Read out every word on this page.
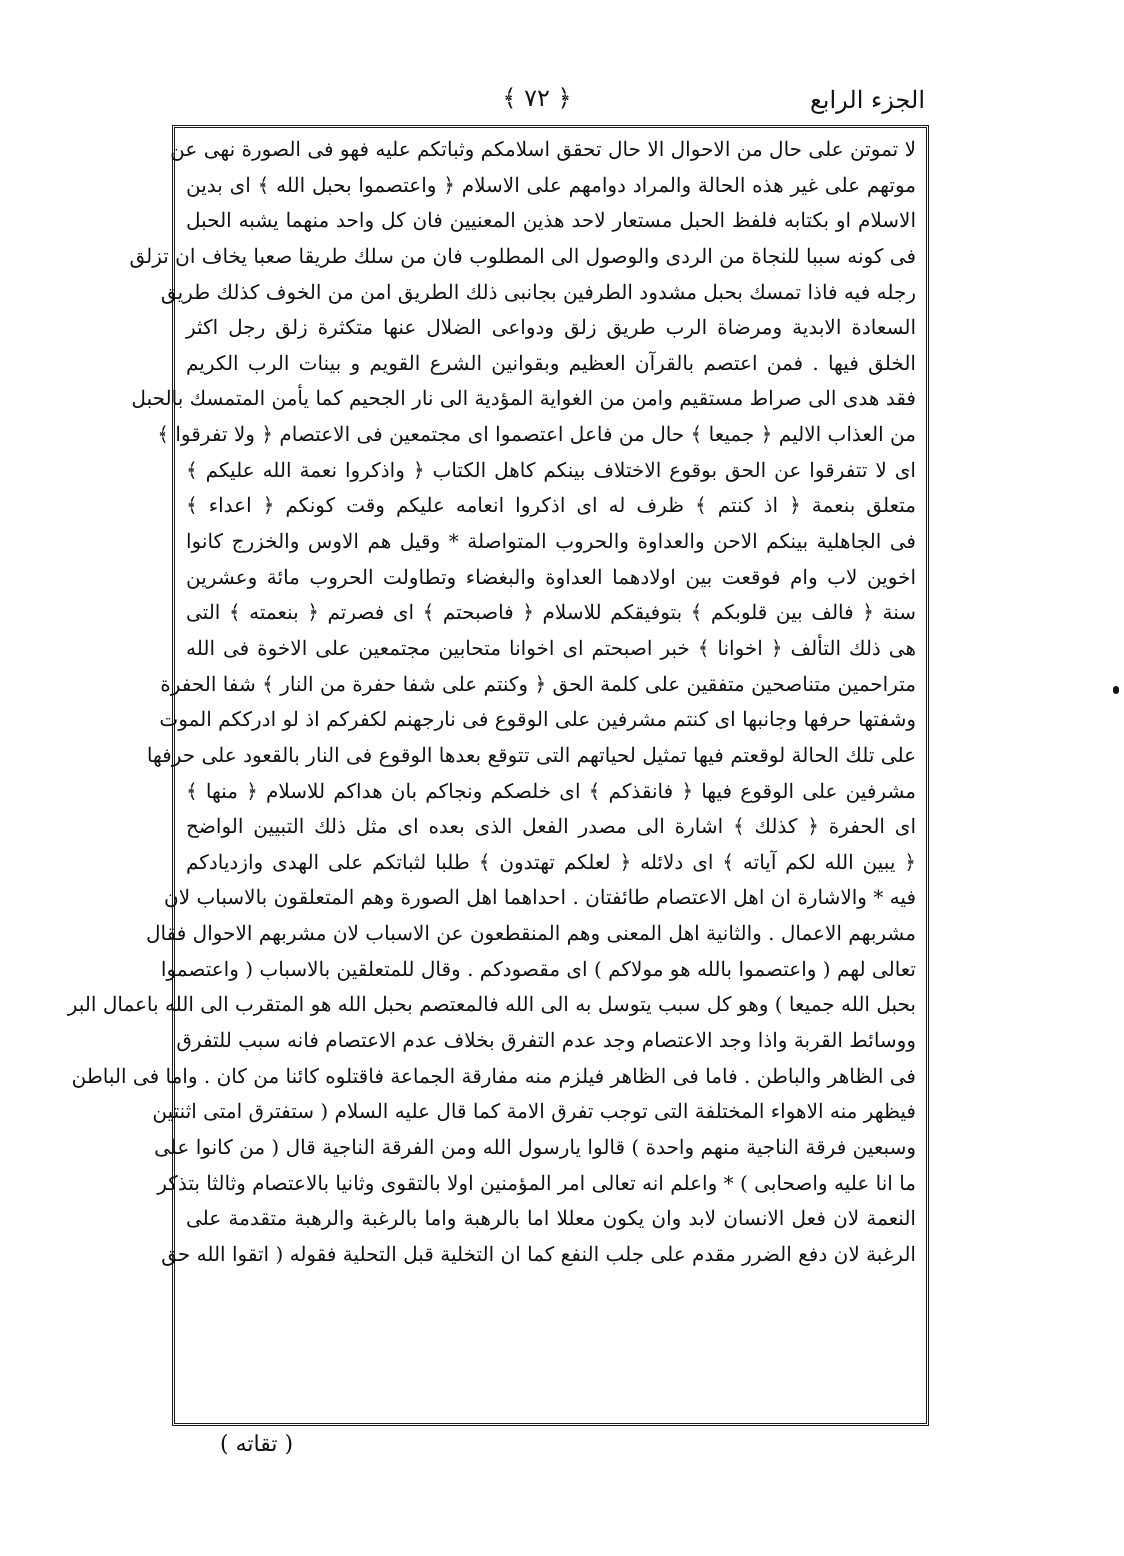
الجزء الرابع
﴿ ٧٢ ﴾
لا تموتن على حال من الاحوال الا حال تحقق اسلامكم وثباتكم عليه فهو فى الصورة نهى عن
موتهم على غير هذه الحالة والمراد دوامهم على الاسلام ﴿ واعتصموا بحبل الله ﴾ اى بدين
الاسلام او بكتابه فلفظ الحبل مستعار لاحد هذين المعنيين فان كل واحد منهما يشبه الحبل
فى كونه سببا للنجاة من الردى والوصول الى المطلوب فان من سلك طريقا صعبا يخاف ان تزلق
رجله فيه فاذا تمسك بحبل مشدود الطرفين بجانبى ذلك الطريق امن من الخوف كذلك طريق
السعادة الابدية ومرضاة الرب طريق زلق ودواعى الضلال عنها متكثرة زلق رجل اكثر
الخلق فيها . فمن اعتصم بالقرآن العظيم وبقوانين الشرع القويم و بينات الرب الكريم
فقد هدى الى صراط مستقيم وامن من الغواية المؤدية الى نار الجحيم كما يأمن المتمسك بالحبل
من العذاب الاليم ﴿ جميعا ﴾ حال من فاعل اعتصموا اى مجتمعين فى الاعتصام ﴿ ولا تفرقوا ﴾
اى لا تتفرقوا عن الحق بوقوع الاختلاف بينكم كاهل الكتاب ﴿ واذكروا نعمة الله عليكم ﴾
متعلق بنعمة ﴿ اذ كنتم ﴾ ظرف له اى اذكروا انعامه عليكم وقت كونكم ﴿ اعداء ﴾
فى الجاهلية بينكم الاحن والعداوة والحروب المتواصلة * وقيل هم الاوس والخزرج كانوا
اخوين لاب وام فوقعت بين اولادهما العداوة والبغضاء وتطاولت الحروب مائة وعشرين
سنة ﴿ فالف بين قلوبكم ﴾ بتوفيقكم للاسلام ﴿ فاصبحتم ﴾ اى فصرتم ﴿ بنعمته ﴾ التى
هى ذلك التألف ﴿ اخوانا ﴾ خبر اصبحتم اى اخوانا متحابين مجتمعين على الاخوة فى الله
متراحمين متناصحين متفقين على كلمة الحق ﴿ وكنتم على شفا حفرة من النار ﴾ شفا الحفرة
وشفتها حرفها وجانبها اى كنتم مشرفين على الوقوع فى نارجهنم لكفركم اذ لو ادرككم الموت
على تلك الحالة لوقعتم فيها تمثيل لحياتهم التى تتوقع بعدها الوقوع فى النار بالقعود على حرفها
مشرفين على الوقوع فيها ﴿ فانقذكم ﴾ اى خلصكم ونجاكم بان هداكم للاسلام ﴿ منها ﴾
اى الحفرة ﴿ كذلك ﴾ اشارة الى مصدر الفعل الذى بعده اى مثل ذلك التبيين الواضح
﴿ يبين الله لكم آياته ﴾ اى دلائله ﴿ لعلكم تهتدون ﴾ طلبا لثباتكم على الهدى وازديادكم
فيه * والاشارة ان اهل الاعتصام طائفتان . احداهما اهل الصورة وهم المتعلقون بالاسباب لان
مشربهم الاعمال . والثانية اهل المعنى وهم المنقطعون عن الاسباب لان مشربهم الاحوال فقال
تعالى لهم ( واعتصموا بالله هو مولاكم ) اى مقصودكم . وقال للمتعلقين بالاسباب ( واعتصموا
بحبل الله جميعا ) وهو كل سبب يتوسل به الى الله فالمعتصم بحبل الله هو المتقرب الى الله باعمال البر
ووسائط القربة واذا وجد الاعتصام وجد عدم التفرق بخلاف عدم الاعتصام فانه سبب للتفرق
فى الظاهر والباطن . فاما فى الظاهر فيلزم منه مفارقة الجماعة فاقتلوه كائنا من كان . واما فى الباطن
فيظهر منه الاهواء المختلفة التى توجب تفرق الامة كما قال عليه السلام ( ستفترق امتى اثنتين
وسبعين فرقة الناجية منهم واحدة ) قالوا يارسول الله ومن الفرقة الناجية قال ( من كانوا على
ما انا عليه واصحابى ) * واعلم انه تعالى امر المؤمنين اولا بالتقوى وثانيا بالاعتصام وثالثا بتذكر
النعمة لان فعل الانسان لابد وان يكون معللا اما بالرهبة واما بالرغبة والرهبة متقدمة على
الرغبة لان دفع الضرر مقدم على جلب النفع كما ان التخلية قبل التحلية فقوله ( اتقوا الله حق
( تقاته )
